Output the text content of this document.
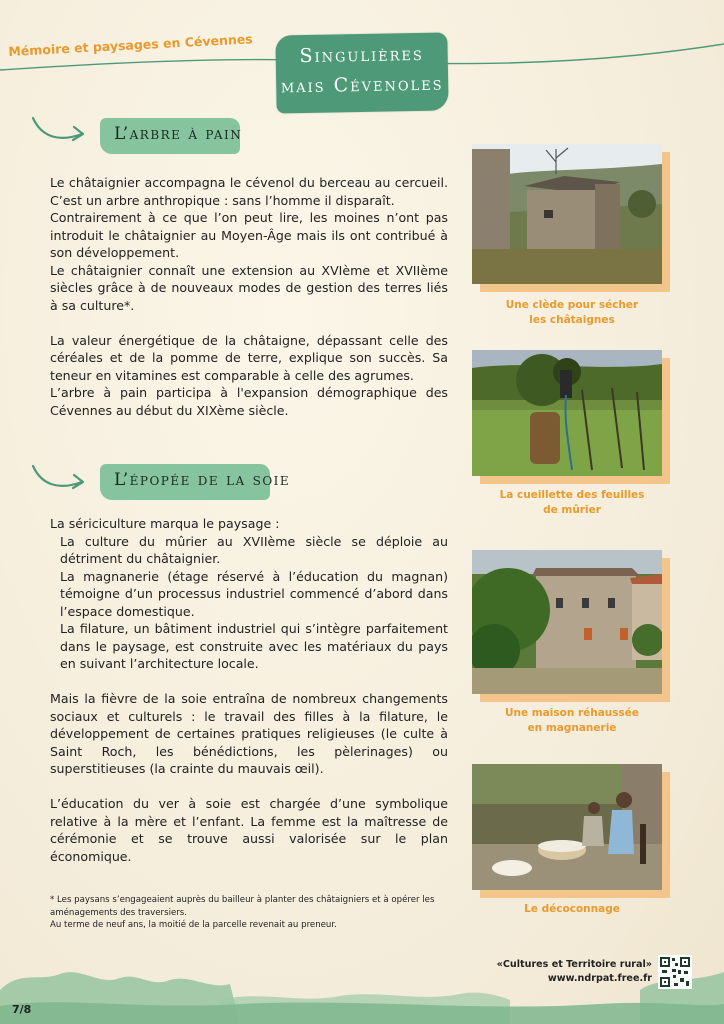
Mémoire et paysages en Cévennes	Singulières
mais Cévenoles
L’arbre à pain

Le châtaignier accompagna le cévenol du berceau au cercueil. C’est un arbre anthropique : sans l’homme il disparaît.

Contrairement à ce que l’on peut lire, les moines n’ont pas introduit le châtaignier au Moyen-Âge mais ils ont contribué à son développement.

Le châtaignier connaît une extension au XVIème et XVIIème siècles grâce à de nouveaux modes de gestion des terres liés à sa culture*.

La valeur énergétique de la châtaigne, dépassant celle des céréales et de la pomme de terre, explique son succès. Sa teneur en vitamines est comparable à celle des agrumes.

L’arbre à pain participa à l'expansion démographique des Cévennes au début du XIXème siècle.

L’épopée de la soie

La sériciculture marqua le paysage :

La culture du mûrier au XVIIème siècle se déploie au détriment du châtaignier.

La magnanerie (étage réservé à l’éducation du magnan) témoigne d’un processus industriel commencé d’abord dans l’espace domestique.

La filature, un bâtiment industriel qui s’intègre parfaitement dans le paysage, est construite avec les matériaux du pays en suivant l’architecture locale.

Mais la fièvre de la soie entraîna de nombreux changements sociaux et culturels : le travail des filles à la filature, le développement de certaines pratiques religieuses (le culte à Saint Roch, les bénédictions, les pèlerinages) ou superstitieuses (la crainte du mauvais œil).

L’éducation du ver à soie est chargée d’une symbolique relative à la mère et l’enfant. La femme est la maîtresse de cérémonie et se trouve aussi valorisée sur le plan économique.

* Les paysans s’engageaient auprès du bailleur à planter des châtaigniers et à opérer les aménagements des traversiers.
Au terme de neuf ans, la moitié de la parcelle revenait au preneur.
Une clède pour sécher
les châtaignes
La cueillette des feuilles
de mûrier
Une maison réhaussée
en magnanerie
Le décoconnage
«Cultures et Territoire rural»
www.ndrpat.free.fr
7/8
